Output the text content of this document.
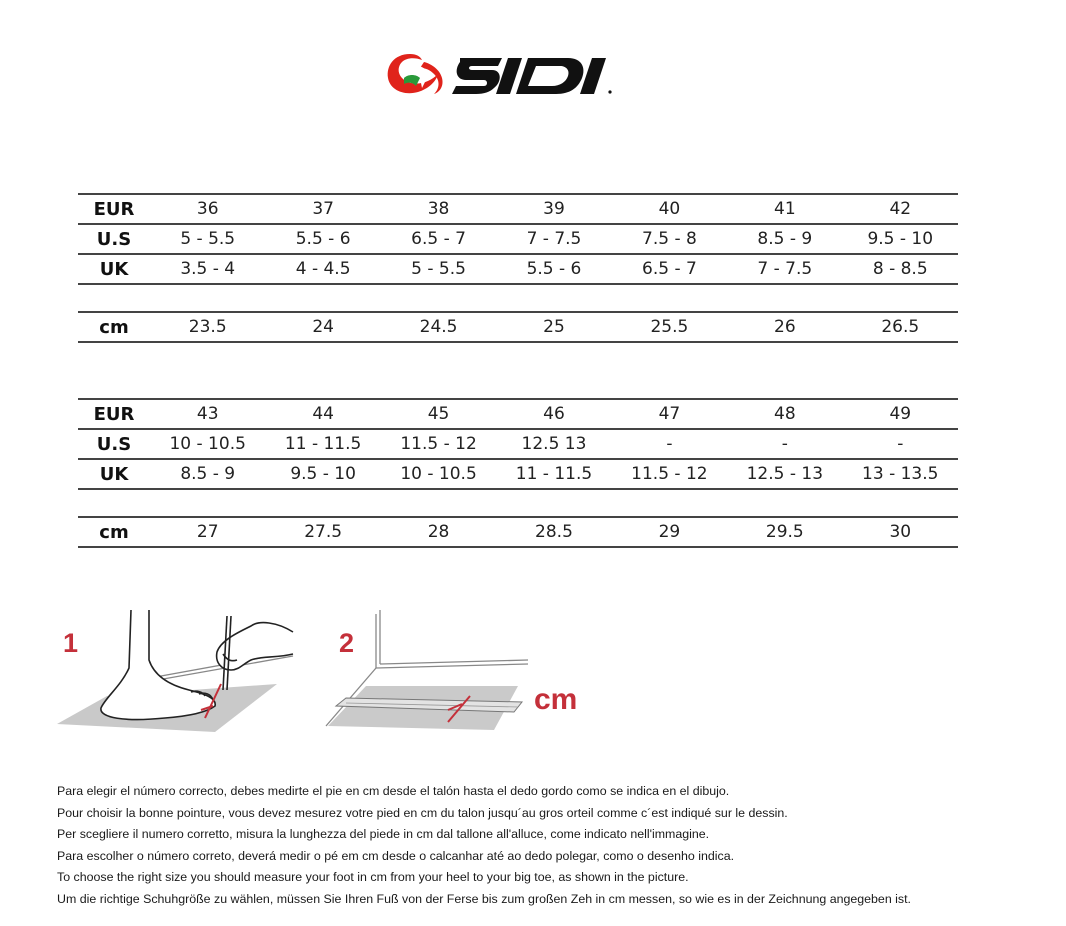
EUR	36	37	38	39	40	41	42
U.S	5 - 5.5	5.5 - 6	6.5 - 7	7 - 7.5	7.5 - 8	8.5 - 9	9.5 - 10
UK	3.5 - 4	4 - 4.5	5 - 5.5	5.5 - 6	6.5 - 7	7 - 7.5	8 - 8.5

cm	23.5	24	24.5	25	25.5	26	26.5
EUR	43	44	45	46	47	48	49
U.S	10 - 10.5	11 - 11.5	11.5 - 12	12.5 13	-	-	-
UK	8.5 - 9	9.5 - 10	10 - 10.5	11 - 11.5	11.5 - 12	12.5 - 13	13 - 13.5

cm	27	27.5	28	28.5	29	29.5	30
1	2
cm

Para elegir el número correcto, debes medirte el pie en cm desde el talón hasta el dedo gordo como se indica en el dibujo.

Pour choisir la bonne pointure, vous devez mesurez votre pied en cm du talon jusqu´au gros orteil comme c´est indiqué sur le dessin.

Per scegliere il numero corretto, misura la lunghezza del piede in cm dal tallone all'alluce, come indicato nell'immagine.

Para escolher o número correto, deverá medir o pé em cm desde o calcanhar até ao dedo polegar, como o desenho indica.

To choose the right size you should measure your foot in cm from your heel to your big toe, as shown in the picture.

Um die richtige Schuhgröße zu wählen, müssen Sie Ihren Fuß von der Ferse bis zum großen Zeh in cm messen, so wie es in der Zeichnung angegeben ist.
